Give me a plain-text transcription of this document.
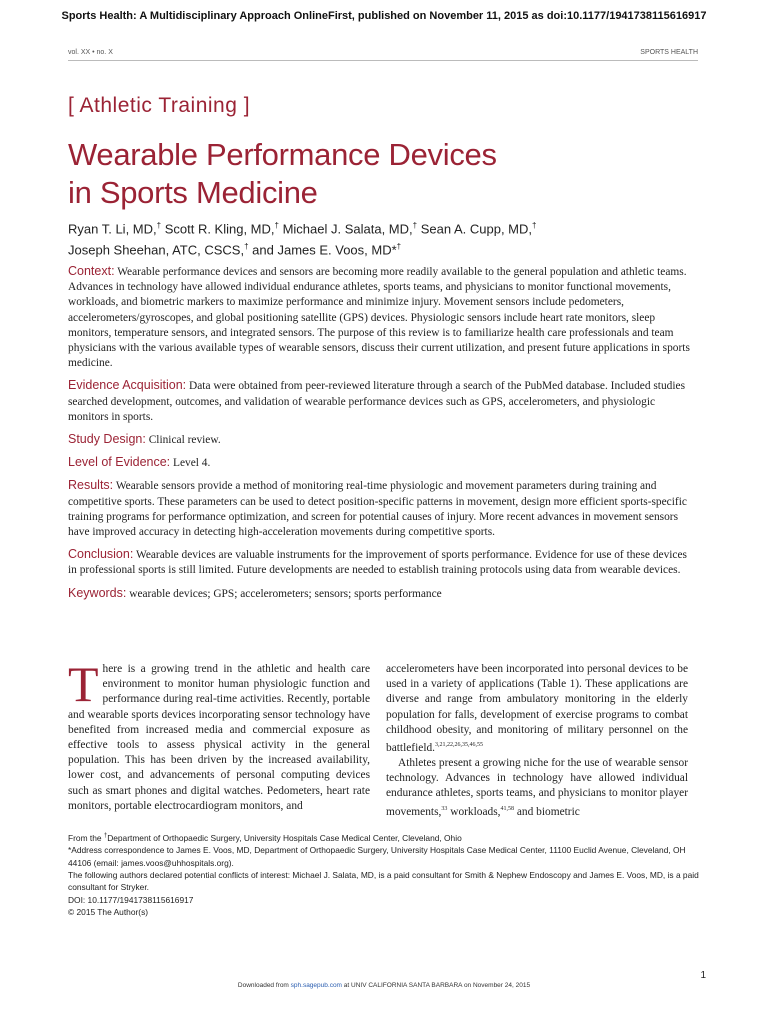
Sports Health: A Multidisciplinary Approach OnlineFirst, published on November 11, 2015 as doi:10.1177/1941738115616917
vol. XX • no. X	SPORTS HEALTH
[ Athletic Training ]
Wearable Performance Devices
in Sports Medicine
Ryan T. Li, MD,† Scott R. Kling, MD,† Michael J. Salata, MD,† Sean A. Cupp, MD,†
Joseph Sheehan, ATC, CSCS,† and James E. Voos, MD*†

Context: Wearable performance devices and sensors are becoming more readily available to the general population and athletic teams. Advances in technology have allowed individual endurance athletes, sports teams, and physicians to monitor functional movements, workloads, and biometric markers to maximize performance and minimize injury. Movement sensors include pedometers, accelerometers/gyroscopes, and global positioning satellite (GPS) devices. Physiologic sensors include heart rate monitors, sleep monitors, temperature sensors, and integrated sensors. The purpose of this review is to familiarize health care professionals and team physicians with the various available types of wearable sensors, discuss their current utilization, and present future applications in sports medicine.

Evidence Acquisition: Data were obtained from peer-reviewed literature through a search of the PubMed database. Included studies searched development, outcomes, and validation of wearable performance devices such as GPS, accelerometers, and physiologic monitors in sports.

Study Design: Clinical review.

Level of Evidence: Level 4.

Results: Wearable sensors provide a method of monitoring real-time physiologic and movement parameters during training and competitive sports. These parameters can be used to detect position-specific patterns in movement, design more efficient sports-specific training programs for performance optimization, and screen for potential causes of injury. More recent advances in movement sensors have improved accuracy in detecting high-acceleration movements during competitive sports.

Conclusion: Wearable devices are valuable instruments for the improvement of sports performance. Evidence for use of these devices in professional sports is still limited. Future developments are needed to establish training protocols using data from wearable devices.

Keywords: wearable devices; GPS; accelerometers; sensors; sports performance

There is a growing trend in the athletic and health care environment to monitor human physiologic function and performance during real-time activities. Recently, portable and wearable sports devices incorporating sensor technology have benefited from increased media and commercial exposure as effective tools to assess physical activity in the general population. This has been driven by the increased availability, lower cost, and advancements of personal computing devices such as smart phones and digital watches. Pedometers, heart rate monitors, portable electrocardiogram monitors, and

accelerometers have been incorporated into personal devices to be used in a variety of applications (Table 1). These applications are diverse and range from ambulatory monitoring in the elderly population for falls, development of exercise programs to combat childhood obesity, and monitoring of military personnel on the battlefield.$^{3,21,22,26,35,46,55}$

Athletes present a growing niche for the use of wearable sensor technology. Advances in technology have allowed individual endurance athletes, sports teams, and physicians to monitor player movements,$^{33}$ workloads,$^{41,58}$ and biometric

From the †Department of Orthopaedic Surgery, University Hospitals Case Medical Center, Cleveland, Ohio
*Address correspondence to James E. Voos, MD, Department of Orthopaedic Surgery, University Hospitals Case Medical Center, 11100 Euclid Avenue, Cleveland, OH 44106 (email: james.voos@uhhospitals.org).
The following authors declared potential conflicts of interest: Michael J. Salata, MD, is a paid consultant for Smith & Nephew Endoscopy and James E. Voos, MD, is a paid consultant for Stryker.
DOI: 10.1177/1941738115616917
© 2015 The Author(s)
1
Downloaded from sph.sagepub.com at UNIV CALIFORNIA SANTA BARBARA on November 24, 2015
